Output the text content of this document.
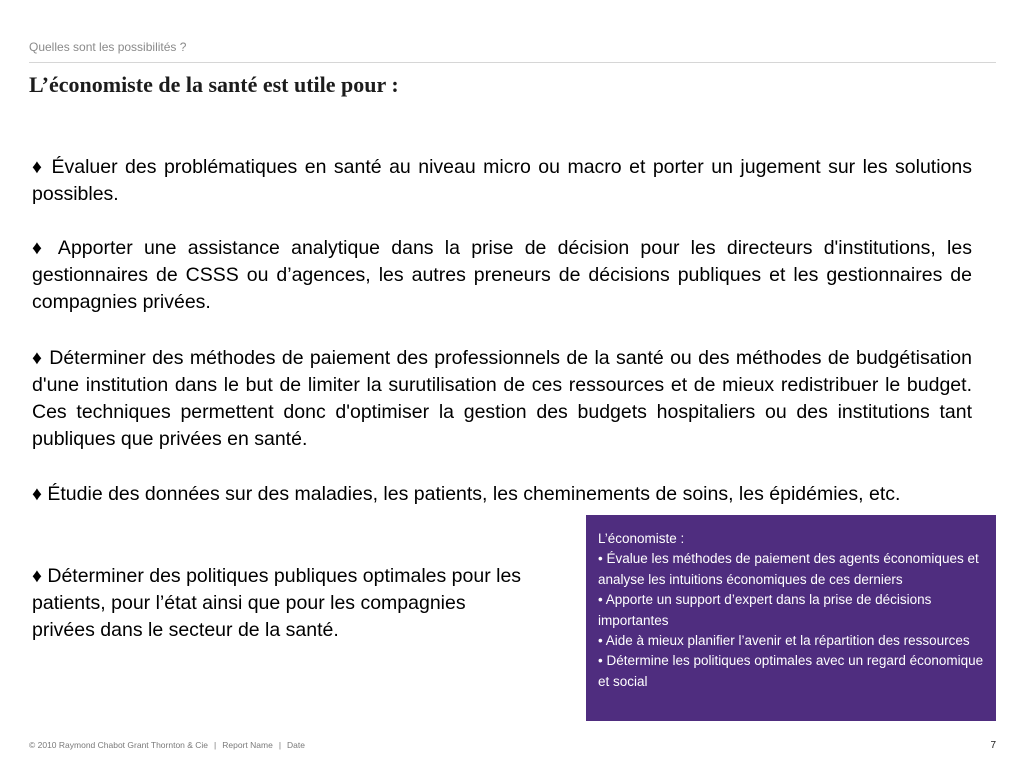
Quelles sont les possibilités ?
L’économiste de la santé est utile pour :

♦ Évaluer des problématiques en santé au niveau micro ou macro et porter un jugement sur les solutions possibles.

♦ Apporter une assistance analytique dans la prise de décision pour les directeurs d'institutions, les gestionnaires de CSSS ou d’agences, les autres preneurs de décisions publiques et les gestionnaires de compagnies privées.

♦ Déterminer des méthodes de paiement des professionnels de la santé ou des méthodes de budgétisation d'une institution dans le but de limiter la surutilisation de ces ressources et de mieux redistribuer le budget. Ces techniques permettent donc d'optimiser la gestion des budgets hospitaliers ou des institutions tant publiques que privées en santé.

♦ Étudie des données sur des maladies, les patients, les cheminements de soins, les épidémies, etc.

♦ Déterminer des politiques publiques optimales pour les patients, pour l’état ainsi que pour les compagnies privées dans le secteur de la santé.

L’économiste :
• Évalue les méthodes de paiement des agents économiques et analyse les intuitions économiques de ces derniers
• Apporte un support d’expert dans la prise de décisions importantes
• Aide à mieux planifier l’avenir et la répartition des ressources
• Détermine les politiques optimales avec un regard économique et social
© 2010 Raymond Chabot Grant Thornton & Cie | Report Name | Date	7
